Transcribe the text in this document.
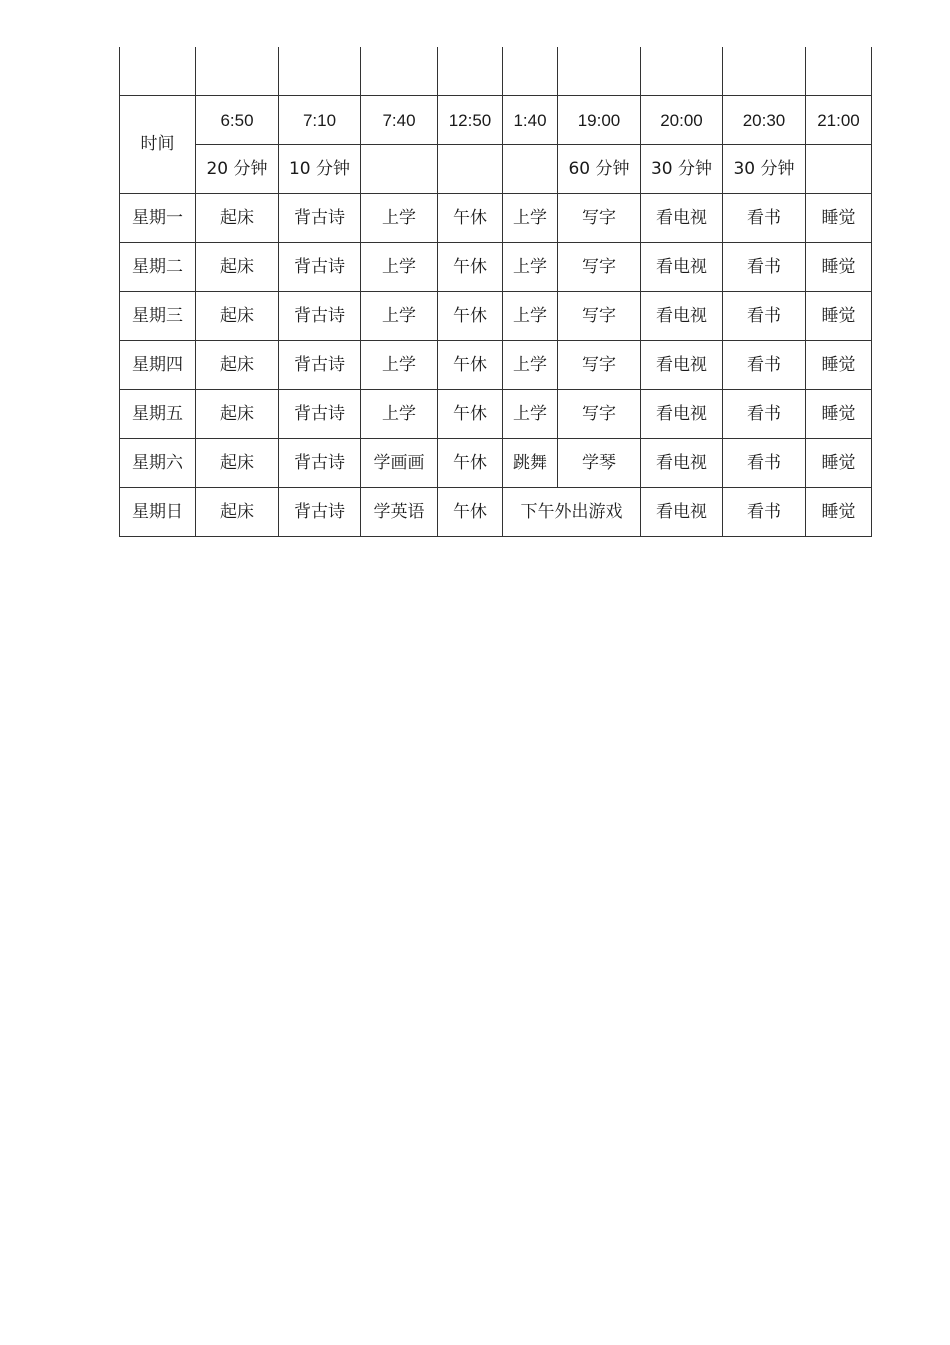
时间	6:50	7:10	7:40	12:50	1:40	19:00	20:00	20:30	21:00
	20 分钟	10 分钟				60 分钟	30 分钟	30 分钟	
星期一	起床	背古诗	上学	午休	上学	写字	看电视	看书	睡觉
星期二	起床	背古诗	上学	午休	上学	写字	看电视	看书	睡觉
星期三	起床	背古诗	上学	午休	上学	写字	看电视	看书	睡觉
星期四	起床	背古诗	上学	午休	上学	写字	看电视	看书	睡觉
星期五	起床	背古诗	上学	午休	上学	写字	看电视	看书	睡觉
星期六	起床	背古诗	学画画	午休	跳舞	学琴	看电视	看书	睡觉
星期日	起床	背古诗	学英语	午休	下午外出游戏		看电视	看书	睡觉
